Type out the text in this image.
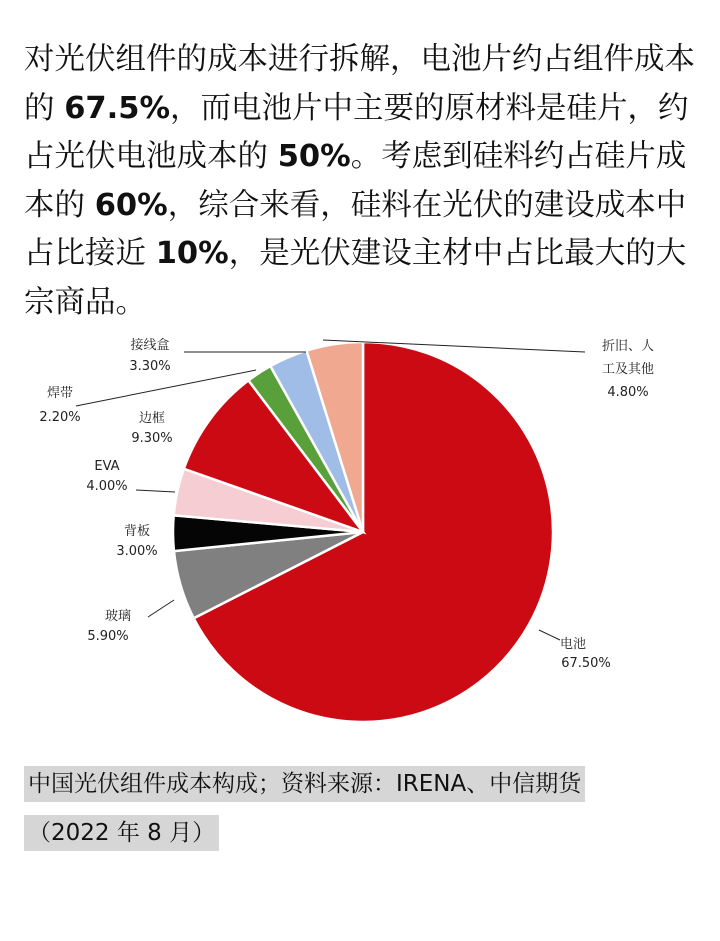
对光伏组件的成本进行拆解，电池片约占组件成本的 67.5%，而电池片中主要的原材料是硅片，约占光伏电池成本的 50%。考虑到硅料约占硅片成本的 60%，综合来看，硅料在光伏的建设成本中占比接近 10%，是光伏建设主材中占比最大的大宗商品。

电池
67.50%
玻璃
5.90%
背板
3.00%
EVA
4.00%
边框
9.30%
焊带
2.20%
接线盒
3.30%
折旧、人
工及其他
4.80%

中国光伏组件成本构成；资料来源：IRENA、中信期货

（2022 年 8 月）
